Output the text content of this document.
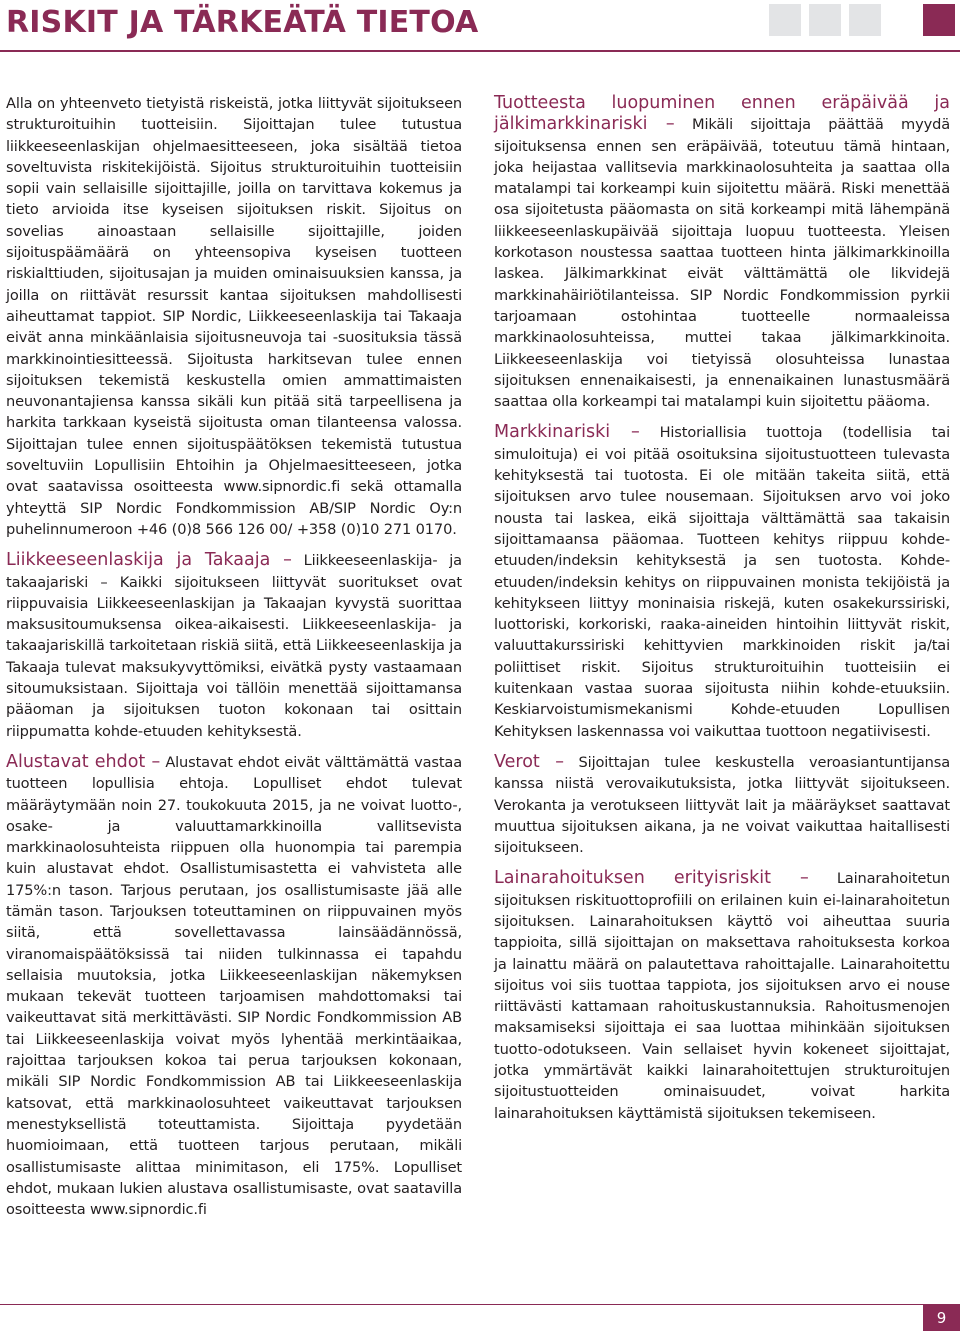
RISKIT JA TÄRKEÄTÄ TIETOA

Alla on yhteenveto tietyistä riskeistä, jotka liittyvät sijoitukseen strukturoituihin tuotteisiin. Sijoittajan tulee tutustua liikkeeseenlaskijan ohjelmaesitteeseen, joka sisältää tietoa soveltuvista riskitekijöistä. Sijoitus strukturoituihin tuotteisiin sopii vain sellaisille sijoittajille, joilla on tarvittava kokemus ja tieto arvioida itse kyseisen sijoituksen riskit. Sijoitus on sovelias ainoastaan sellaisille sijoittajille, joiden sijoituspäämäärä on yhteensopiva kyseisen tuotteen riskialttiuden, sijoitusajan ja muiden ominaisuuksien kanssa, ja joilla on riittävät resurssit kantaa sijoituksen mahdollisesti aiheuttamat tappiot. SIP Nordic, Liikkeeseenlaskija tai Takaaja eivät anna minkäänlaisia sijoitusneuvoja tai -suosituksia tässä markkinointiesitteessä. Sijoitusta harkitsevan tulee ennen sijoituksen tekemistä keskustella omien ammattimaisten neuvonantajiensa kanssa sikäli kun pitää sitä tarpeellisena ja harkita tarkkaan kyseistä sijoitusta oman tilanteensa valossa. Sijoittajan tulee ennen sijoituspäätöksen tekemistä tutustua soveltuviin Lopullisiin Ehtoihin ja Ohjelmaesitteeseen, jotka ovat saatavissa osoitteesta www.sipnordic.fi sekä ottamalla yhteyttä SIP Nordic Fondkommission AB/SIP Nordic Oy:n puhelinnumeroon +46 (0)8 566 126 00/ +358 (0)10 271 0170.

Liikkeeseenlaskija ja Takaaja – Liikkeeseenlaskija- ja takaajariski – Kaikki sijoitukseen liittyvät suoritukset ovat riippuvaisia Liikkeeseenlaskijan ja Takaajan kyvystä suorittaa maksusitoumuksensa oikea-aikaisesti. Liikkeeseenlaskija- ja takaajariskillä tarkoitetaan riskiä siitä, että Liikkeeseenlaskija ja Takaaja tulevat maksukyvyttömiksi, eivätkä pysty vastaamaan sitoumuksistaan. Sijoittaja voi tällöin menettää sijoittamansa pääoman ja sijoituksen tuoton kokonaan tai osittain riippumatta kohde-etuuden kehityksestä.

Alustavat ehdot – Alustavat ehdot eivät välttämättä vastaa tuotteen lopullisia ehtoja. Lopulliset ehdot tulevat määräytymään noin 27. toukokuuta 2015, ja ne voivat luotto-, osake- ja valuuttamarkkinoilla vallitsevista markkinaolosuhteista riippuen olla huonompia tai parempia kuin alustavat ehdot. Osallistumisastetta ei vahvisteta alle 175%:n tason. Tarjous perutaan, jos osallistumisaste jää alle tämän tason. Tarjouksen toteuttaminen on riippuvainen myös siitä, että sovellettavassa lainsäädännössä, viranomaispäätöksissä tai niiden tulkinnassa ei tapahdu sellaisia muutoksia, jotka Liikkeeseenlaskijan näkemyksen mukaan tekevät tuotteen tarjoamisen mahdottomaksi tai vaikeuttavat sitä merkittävästi. SIP Nordic Fondkommission AB tai Liikkeeseenlaskija voivat myös lyhentää merkintäaikaa, rajoittaa tarjouksen kokoa tai perua tarjouksen kokonaan, mikäli SIP Nordic Fondkommission AB tai Liikkeeseenlaskija katsovat, että markkinaolosuhteet vaikeuttavat tarjouksen menestyksellistä toteuttamista. Sijoittaja pyydetään huomioimaan, että tuotteen tarjous perutaan, mikäli osallistumisaste alittaa minimitason, eli 175%. Lopulliset ehdot, mukaan lukien alustava osallistumisaste, ovat saatavilla osoitteesta www.sipnordic.fi

Tuotteesta luopuminen ennen eräpäivää ja jälkimarkkinariski – Mikäli sijoittaja päättää myydä sijoituksensa ennen sen eräpäivää, toteutuu tämä hintaan, joka heijastaa vallitsevia markkinaolosuhteita ja saattaa olla matalampi tai korkeampi kuin sijoitettu määrä. Riski menettää osa sijoitetusta pääomasta on sitä korkeampi mitä lähempänä liikkeeseenlaskupäivää sijoittaja luopuu tuotteesta. Yleisen korkotason noustessa saattaa tuotteen hinta jälkimarkkinoilla laskea. Jälkimarkkinat eivät välttämättä ole likvidejä markkinahäiriötilanteissa. SIP Nordic Fondkommission pyrkii tarjoamaan ostohintaa tuotteelle normaaleissa markkinaolosuhteissa, muttei takaa jälkimarkkinoita. Liikkeeseenlaskija voi tietyissä olosuhteissa lunastaa sijoituksen ennenaikaisesti, ja ennenaikainen lunastusmäärä saattaa olla korkeampi tai matalampi kuin sijoitettu pääoma.

Markkinariski – Historiallisia tuottoja (todellisia tai simuloituja) ei voi pitää osoituksina sijoitustuotteen tulevasta kehityksestä tai tuotosta. Ei ole mitään takeita siitä, että sijoituksen arvo tulee nousemaan. Sijoituksen arvo voi joko nousta tai laskea, eikä sijoittaja välttämättä saa takaisin sijoittamaansa pääomaa. Tuotteen kehitys riippuu kohde-etuuden/indeksin kehityksestä ja sen tuotosta. Kohde-etuuden/indeksin kehitys on riippuvainen monista tekijöistä ja kehitykseen liittyy moninaisia riskejä, kuten osakekurssiriski, luottoriski, korkoriski, raaka-aineiden hintoihin liittyvät riskit, valuuttakurssiriski kehittyvien markkinoiden riskit ja/tai poliittiset riskit. Sijoitus strukturoituihin tuotteisiin ei kuitenkaan vastaa suoraa sijoitusta niihin kohde-etuuksiin. Keskiarvoistumismekanismi Kohde-etuuden Lopullisen Kehityksen laskennassa voi vaikuttaa tuottoon negatiivisesti.

Verot – Sijoittajan tulee keskustella veroasiantuntijansa kanssa niistä verovaikutuksista, jotka liittyvät sijoitukseen. Verokanta ja verotukseen liittyvät lait ja määräykset saattavat muuttua sijoituksen aikana, ja ne voivat vaikuttaa haitallisesti sijoitukseen.

Lainarahoituksen erityisriskit – Lainarahoitetun sijoituksen riskituottoprofiili on erilainen kuin ei-lainarahoitetun sijoituksen. Lainarahoituksen käyttö voi aiheuttaa suuria tappioita, sillä sijoittajan on maksettava rahoituksesta korkoa ja lainattu määrä on palautettava rahoittajalle. Lainarahoitettu sijoitus voi siis tuottaa tappiota, jos sijoituksen arvo ei nouse riittävästi kattamaan rahoituskustannuksia. Rahoitusmenojen maksamiseksi sijoittaja ei saa luottaa mihinkään sijoituksen tuotto-odotukseen. Vain sellaiset hyvin kokeneet sijoittajat, jotka ymmärtävät kaikki lainarahoitettujen strukturoitujen sijoitustuotteiden ominaisuudet, voivat harkita lainarahoituksen käyttämistä sijoituksen tekemiseen.

9
